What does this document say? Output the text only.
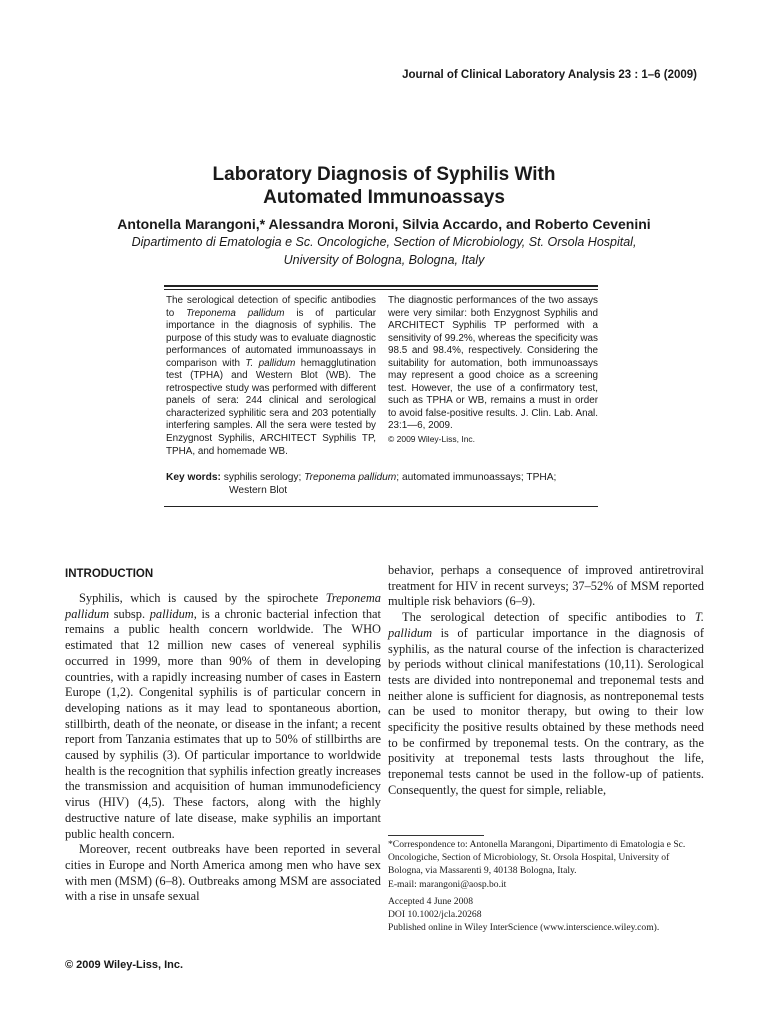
Journal of Clinical Laboratory Analysis 23 : 1–6 (2009)
Laboratory Diagnosis of Syphilis With
Automated Immunoassays
Antonella Marangoni,* Alessandra Moroni, Silvia Accardo, and Roberto Cevenini
Dipartimento di Ematologia e Sc. Oncologiche, Section of Microbiology, St. Orsola Hospital,
University of Bologna, Bologna, Italy
The serological detection of specific antibodies to Treponema pallidum is of particular importance in the diagnosis of syphilis. The purpose of this study was to evaluate diagnostic performances of automated immunoassays in comparison with T. pallidum hemagglutination test (TPHA) and Western Blot (WB). The retrospective study was performed with different panels of sera: 244 clinical and serological characterized syphilitic sera and 203 potentially interfering samples. All the sera were tested by Enzygnost Syphilis, ARCHITECT Syphilis TP, TPHA, and homemade WB.
The diagnostic performances of the two assays were very similar: both Enzygnost Syphilis and ARCHITECT Syphilis TP performed with a sensitivity of 99.2%, whereas the specificity was 98.5 and 98.4%, respectively. Considering the suitability for automation, both immunoassays may represent a good choice as a screening test. However, the use of a confirmatory test, such as TPHA or WB, remains a must in order to avoid false-positive results. J. Clin. Lab. Anal. 23:1—6, 2009.
© 2009 Wiley-Liss, Inc.
Key words: syphilis serology; Treponema pallidum; automated immunoassays; TPHA;
Western Blot
INTRODUCTION

Syphilis, which is caused by the spirochete Treponema pallidum subsp. pallidum, is a chronic bacterial infection that remains a public health concern worldwide. The WHO estimated that 12 million new cases of venereal syphilis occurred in 1999, more than 90% of them in developing countries, with a rapidly increasing number of cases in Eastern Europe (1,2). Congenital syphilis is of particular concern in developing nations as it may lead to spontaneous abortion, stillbirth, death of the neonate, or disease in the infant; a recent report from Tanzania estimates that up to 50% of stillbirths are caused by syphilis (3). Of particular importance to worldwide health is the recognition that syphilis infection greatly increases the transmission and acquisition of human immunodeficiency virus (HIV) (4,5). These factors, along with the highly destructive nature of late disease, make syphilis an important public health concern.

Moreover, recent outbreaks have been reported in several cities in Europe and North America among men who have sex with men (MSM) (6–8). Outbreaks among MSM are associated with a rise in unsafe sexual

behavior, perhaps a consequence of improved antiretroviral treatment for HIV in recent surveys; 37–52% of MSM reported multiple risk behaviors (6–9).

The serological detection of specific antibodies to T. pallidum is of particular importance in the diagnosis of syphilis, as the natural course of the infection is characterized by periods without clinical manifestations (10,11). Serological tests are divided into nontreponemal and treponemal tests and neither alone is sufficient for diagnosis, as nontreponemal tests can be used to monitor therapy, but owing to their low specificity the positive results obtained by these methods need to be confirmed by treponemal tests. On the contrary, as the positivity at treponemal tests lasts throughout the life, treponemal tests cannot be used in the follow-up of patients. Consequently, the quest for simple, reliable,

*Correspondence to: Antonella Marangoni, Dipartimento di Ematologia e Sc. Oncologiche, Section of Microbiology, St. Orsola Hospital, University of Bologna, via Massarenti 9, 40138 Bologna, Italy.
E-mail: marangoni@aosp.bo.it
Accepted 4 June 2008
DOI 10.1002/jcla.20268
Published online in Wiley InterScience (www.interscience.wiley.com).
© 2009 Wiley-Liss, Inc.
